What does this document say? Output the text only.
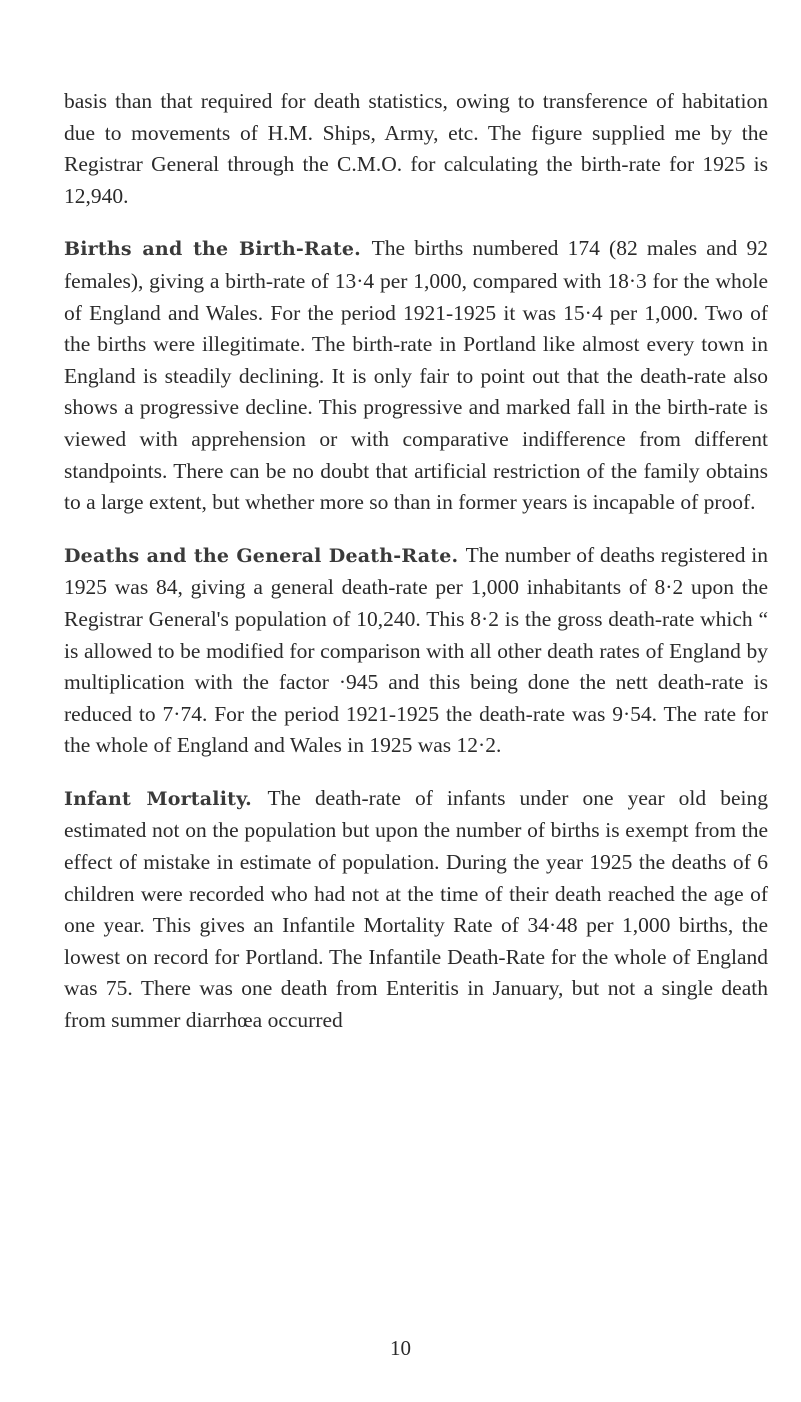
basis than that required for death statistics, owing to transference of habitation due to movements of H.M. Ships, Army, etc. The figure supplied me by the Registrar General through the C.M.O. for calculating the birth-rate for 1925 is 12,940.

Births and the Birth-Rate. The births numbered 174 (82 males and 92 females), giving a birth-rate of 13·4 per 1,000, compared with 18·3 for the whole of England and Wales. For the period 1921-1925 it was 15·4 per 1,000. Two of the births were illegitimate. The birth-rate in Portland like almost every town in England is steadily declining. It is only fair to point out that the death-rate also shows a progressive decline. This progressive and marked fall in the birth-rate is viewed with apprehension or with comparative indifference from different standpoints. There can be no doubt that artificial restriction of the family obtains to a large extent, but whether more so than in former years is incapable of proof.

Deaths and the General Death-Rate. The number of deaths registered in 1925 was 84, giving a general death-rate per 1,000 inhabitants of 8·2 upon the Registrar General's population of 10,240. This 8·2 is the gross death-rate which “ is allowed to be modified for comparison with all other death rates of England by multiplication with the factor ·945 and this being done the nett death-rate is reduced to 7·74. For the period 1921-1925 the death-rate was 9·54. The rate for the whole of England and Wales in 1925 was 12·2.

Infant Mortality. The death-rate of infants under one year old being estimated not on the population but upon the number of births is exempt from the effect of mistake in estimate of population. During the year 1925 the deaths of 6 children were recorded who had not at the time of their death reached the age of one year. This gives an Infantile Mortality Rate of 34·48 per 1,000 births, the lowest on record for Portland. The Infantile Death-Rate for the whole of England was 75. There was one death from Enteritis in January, but not a single death from summer diarrhœa occurred

10
